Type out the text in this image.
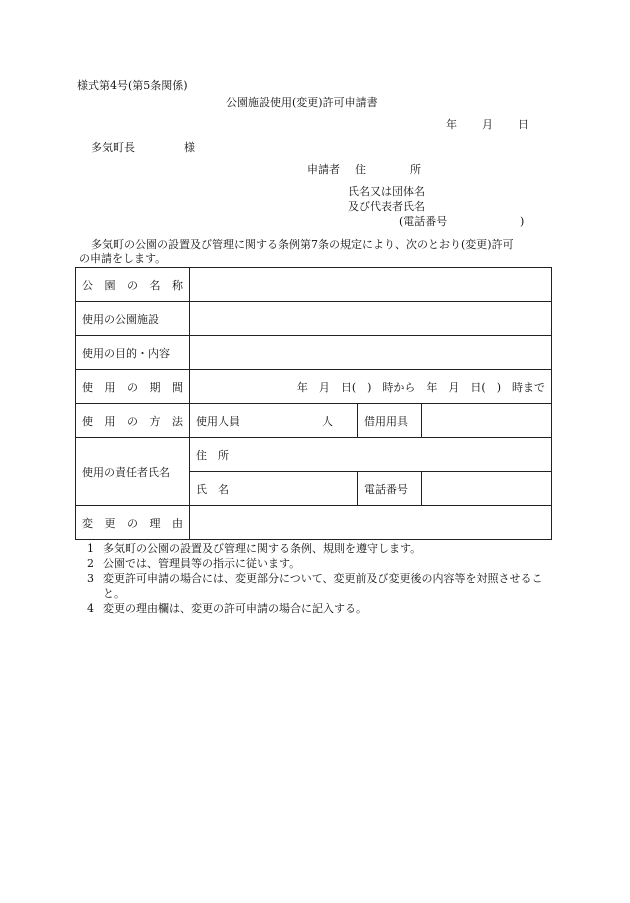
様式第4号(第5条関係)
公園施設使用(変更)許可申請書
年 月 日
多気町長	様
申請者 住　　　　所
氏名又は団体名
及び代表者氏名
(電話番号	)
多気町の公園の設置及び管理に関する条例第7条の規定により、次のとおり(変更)許可
の申請をします。
公 園 の 名 称			

使用の公園施設			

使用の目的・内容			

使 用 の 期 間	年　月　日(　)　時から　年　月　日(　)　時まで		

使 用 の 方 法	使用人員 人	借用用具	

使用の責任者氏名	住　所		
	氏　名	電話番号	

変 更 の 理 由			

1 多気町の公園の設置及び管理に関する条例、規則を遵守します。
2 公園では、管理員等の指示に従います。
3 変更許可申請の場合には、変更部分について、変更前及び変更後の内容等を対照させること。
4 変更の理由欄は、変更の許可申請の場合に記入する。
